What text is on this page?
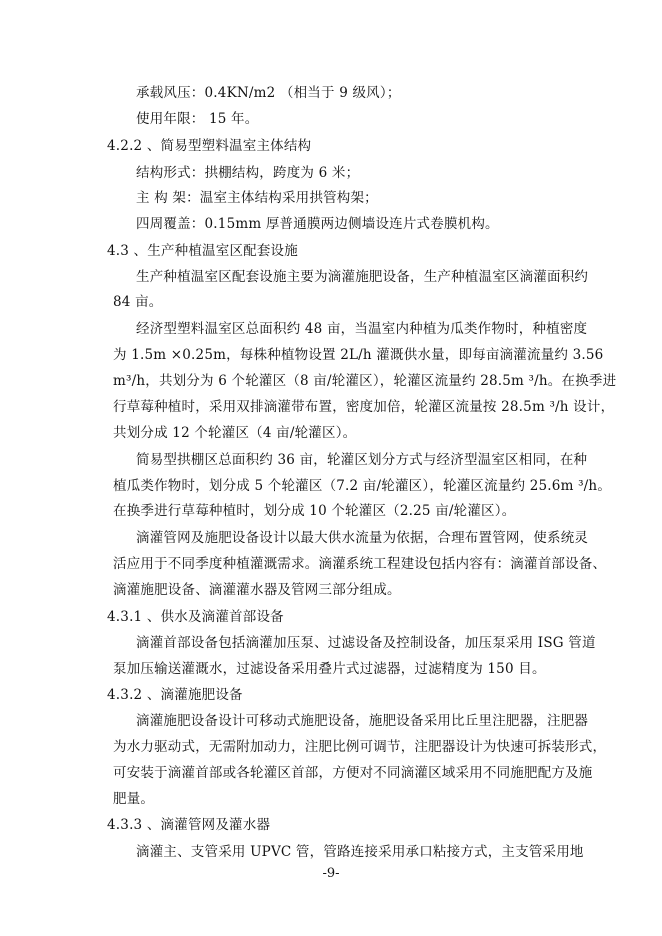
承载风压：0.4KN/m2 （相当于 9 级风）；
使用年限： 15 年。
4.2.2 、简易型塑料温室主体结构
结构形式：拱棚结构，跨度为 6 米；
主 构 架：温室主体结构采用拱管构架；
四周覆盖：0.15mm 厚普通膜两边侧墙设连片式卷膜机构。
4.3 、生产种植温室区配套设施
生产种植温室区配套设施主要为滴灌施肥设备，生产种植温室区滴灌面积约
84 亩。
经济型塑料温室区总面积约 48 亩，当温室内种植为瓜类作物时，种植密度
为 1.5m ×0.25m，每株种植物设置 2L/h 灌溉供水量，即每亩滴灌流量约 3.56
m³/h，共划分为 6 个轮灌区（8 亩/轮灌区），轮灌区流量约 28.5m ³/h。在换季进
行草莓种植时，采用双排滴灌带布置，密度加倍，轮灌区流量按 28.5m ³/h 设计，
共划分成 12 个轮灌区（4 亩/轮灌区）。
简易型拱棚区总面积约 36 亩，轮灌区划分方式与经济型温室区相同，在种
植瓜类作物时，划分成 5 个轮灌区（7.2 亩/轮灌区），轮灌区流量约 25.6m ³/h。
在换季进行草莓种植时，划分成 10 个轮灌区（2.25 亩/轮灌区）。
滴灌管网及施肥设备设计以最大供水流量为依据，合理布置管网，使系统灵
活应用于不同季度种植灌溉需求。滴灌系统工程建设包括内容有：滴灌首部设备、
滴灌施肥设备、滴灌灌水器及管网三部分组成。
4.3.1 、供水及滴灌首部设备
滴灌首部设备包括滴灌加压泵、过滤设备及控制设备，加压泵采用 ISG 管道
泵加压输送灌溉水，过滤设备采用叠片式过滤器，过滤精度为 150 目。
4.3.2 、滴灌施肥设备
滴灌施肥设备设计可移动式施肥设备，施肥设备采用比丘里注肥器，注肥器
为水力驱动式，无需附加动力，注肥比例可调节，注肥器设计为快速可拆装形式，
可安装于滴灌首部或各轮灌区首部，方便对不同滴灌区域采用不同施肥配方及施
肥量。
4.3.3 、滴灌管网及灌水器
滴灌主、支管采用 UPVC 管，管路连接采用承口粘接方式，主支管采用地
-9-
